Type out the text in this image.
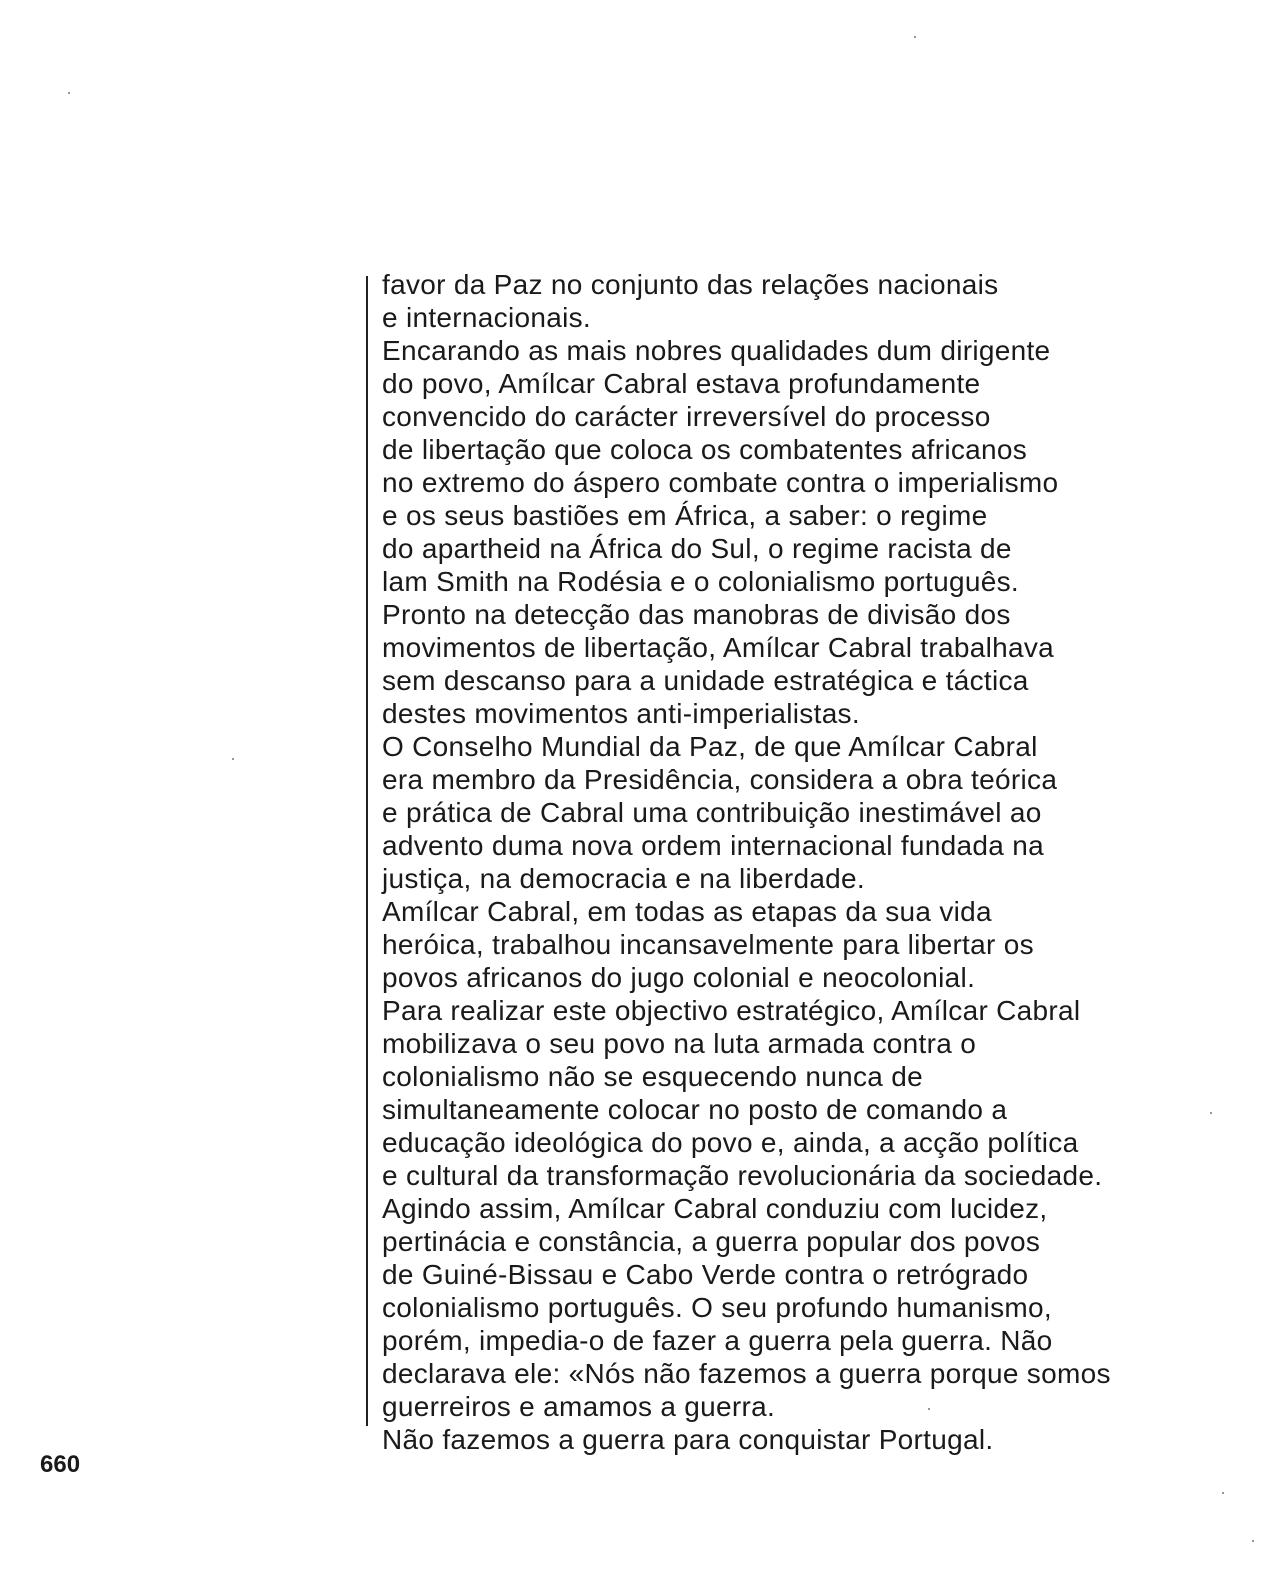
favor da Paz no conjunto das relações nacionais
e internacionais.
Encarando as mais nobres qualidades dum dirigente
do povo, Amílcar Cabral estava profundamente
convencido do carácter irreversível do processo
de libertação que coloca os combatentes africanos
no extremo do áspero combate contra o imperialismo
e os seus bastiões em África, a saber: o regime
do apartheid na África do Sul, o regime racista de
lam Smith na Rodésia e o colonialismo português.
Pronto na detecção das manobras de divisão dos
movimentos de libertação, Amílcar Cabral trabalhava
sem descanso para a unidade estratégica e táctica
destes movimentos anti-imperialistas.
O Conselho Mundial da Paz, de que Amílcar Cabral
era membro da Presidência, considera a obra teórica
e prática de Cabral uma contribuição inestimável ao
advento duma nova ordem internacional fundada na
justiça, na democracia e na liberdade.
Amílcar Cabral, em todas as etapas da sua vida
heróica, trabalhou incansavelmente para libertar os
povos africanos do jugo colonial e neocolonial.
Para realizar este objectivo estratégico, Amílcar Cabral
mobilizava o seu povo na luta armada contra o
colonialismo não se esquecendo nunca de
simultaneamente colocar no posto de comando a
educação ideológica do povo e, ainda, a acção política
e cultural da transformação revolucionária da sociedade.
Agindo assim, Amílcar Cabral conduziu com lucidez,
pertinácia e constância, a guerra popular dos povos
de Guiné-Bissau e Cabo Verde contra o retrógrado
colonialismo português. O seu profundo humanismo,
porém, impedia-o de fazer a guerra pela guerra. Não
declarava ele: «Nós não fazemos a guerra porque somos
guerreiros e amamos a guerra.
Não fazemos a guerra para conquistar Portugal.
660
